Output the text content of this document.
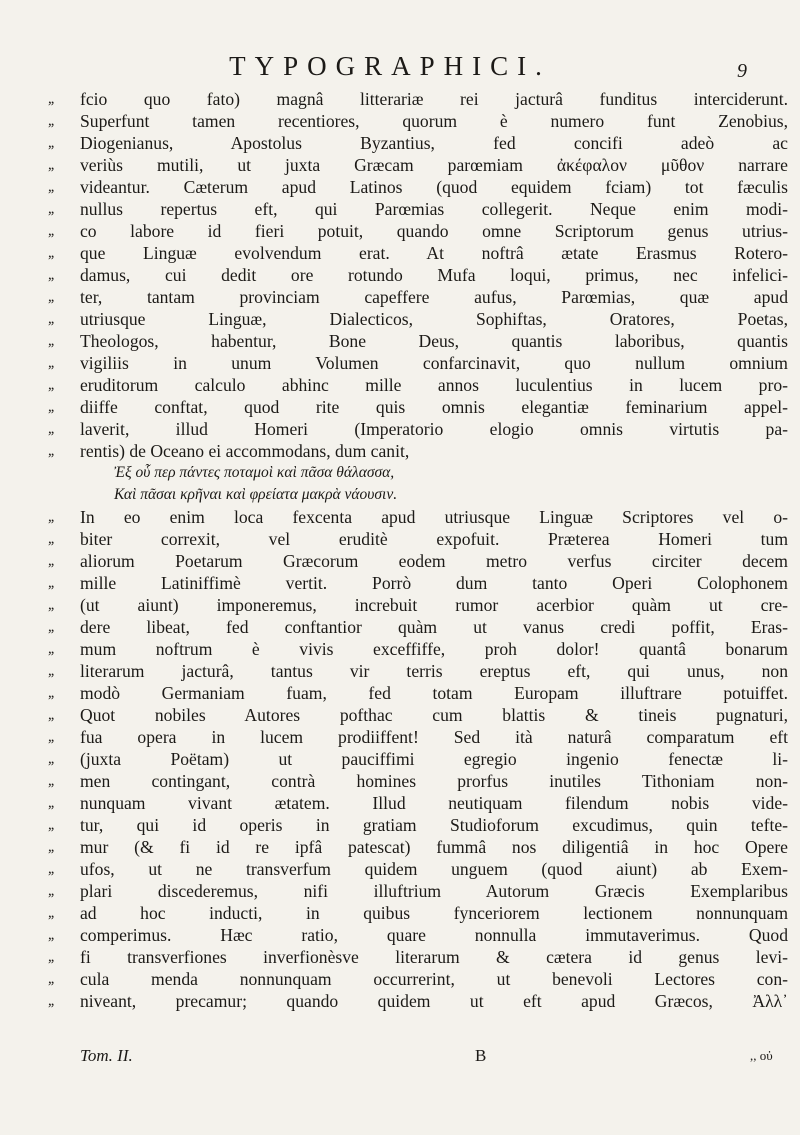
TYPOGRAPHICI.	9
,,	fcio quo fato) magnâ litterariæ rei jacturâ funditus interciderunt.
,,	Superfunt tamen recentiores, quorum è numero funt Zenobius,
,,	Diogenianus, Apostolus Byzantius, fed concifi adeò ac
,,	veriùs mutili, ut juxta Græcam parœmiam ἀκέφαλον μῦθον narrare
,,	videantur. Cæterum apud Latinos (quod equidem fciam) tot fæculis
,,	nullus repertus eft, qui Parœmias collegerit. Neque enim modi-
,,	co labore id fieri potuit, quando omne Scriptorum genus utrius-
,,	que Linguæ evolvendum erat. At noftrâ ætate Erasmus Rotero-
,,	damus, cui dedit ore rotundo Mufa loqui, primus, nec infelici-
,,	ter, tantam provinciam capeffere aufus, Parœmias, quæ apud
,,	utriusque Linguæ, Dialecticos, Sophiftas, Oratores, Poetas,
,,	Theologos, habentur, Bone Deus, quantis laboribus, quantis
,,	vigiliis in unum Volumen confarcinavit, quo nullum omnium
,,	eruditorum calculo abhinc mille annos luculentius in lucem pro-
,,	diiffe conftat, quod rite quis omnis elegantiæ feminarium appel-
,,	laverit, illud Homeri (Imperatorio elogio omnis virtutis pa-
,,	rentis) de Oceano ei accommodans, dum canit,
Ἐξ οὗ περ πάντες ποταμοὶ καὶ πᾶσα θάλασσα,
Καὶ πᾶσαι κρῆναι καὶ φρείατα μακρὰ νάουσιν.
,,	In eo enim loca fexcenta apud utriusque Linguæ Scriptores vel o-
,,	biter correxit, vel eruditè expofuit. Præterea Homeri tum
,,	aliorum Poetarum Græcorum eodem metro verfus circiter decem
,,	mille Latiniffimè vertit. Porrò dum tanto Operi Colophonem
,,	(ut aiunt) imponeremus, increbuit rumor acerbior quàm ut cre-
,,	dere libeat, fed conftantior quàm ut vanus credi poffit, Eras-
,,	mum noftrum è vivis exceffiffe, proh dolor! quantâ bonarum
,,	literarum jacturâ, tantus vir terris ereptus eft, qui unus, non
,,	modò Germaniam fuam, fed totam Europam illuftrare potuiffet.
,,	Quot nobiles Autores pofthac cum blattis & tineis pugnaturi,
,,	fua opera in lucem prodiiffent! Sed ità naturâ comparatum eft
,,	(juxta Poëtam) ut pauciffimi egregio ingenio fenectæ li-
,,	men contingant, contrà homines prorfus inutiles Tithoniam non-
,,	nunquam vivant ætatem. Illud neutiquam filendum nobis vide-
,,	tur, qui id operis in gratiam Studioforum excudimus, quin tefte-
,,	mur (& fi id re ipfâ patescat) fummâ nos diligentiâ in hoc Opere
,,	ufos, ut ne transverfum quidem unguem (quod aiunt) ab Exem-
,,	plari discederemus, nifi illuftrium Autorum Græcis Exemplaribus
,,	ad hoc inducti, in quibus fynceriorem lectionem nonnunquam
,,	comperimus. Hæc ratio, quare nonnulla immutaverimus. Quod
,,	fi transverfiones inverfionèsve literarum & cætera id genus levi-
,,	cula menda nonnunquam occurrerint, ut benevoli Lectores con-
,,	niveant, precamur; quando quidem ut eft apud Græcos, Ἀλλ᾽
Tom. II.	B	,, οὐ
